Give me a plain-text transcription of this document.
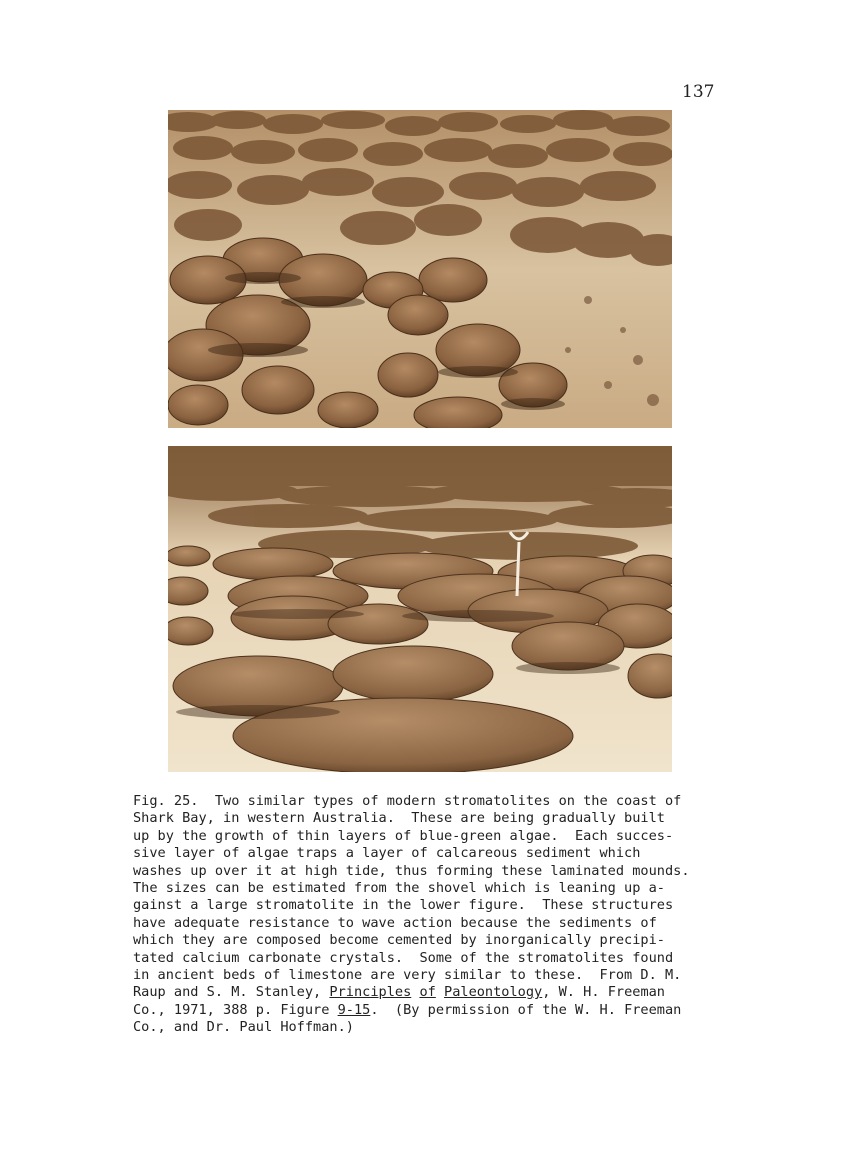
137
Fig. 25.  Two similar types of modern stromatolites on the coast of
Shark Bay, in western Australia.  These are being gradually built
up by the growth of thin layers of blue-green algae.  Each succes-
sive layer of algae traps a layer of calcareous sediment which
washes up over it at high tide, thus forming these laminated mounds.
The sizes can be estimated from the shovel which is leaning up a-
gainst a large stromatolite in the lower figure.  These structures
have adequate resistance to wave action because the sediments of
which they are composed become cemented by inorganically precipi-
tated calcium carbonate crystals.  Some of the stromatolites found
in ancient beds of limestone are very similar to these.  From D. M.
Raup and S. M. Stanley, Principles of Paleontology, W. H. Freeman
Co., 1971, 388 p. Figure 9-15.  (By permission of the W. H. Freeman
Co., and Dr. Paul Hoffman.)
